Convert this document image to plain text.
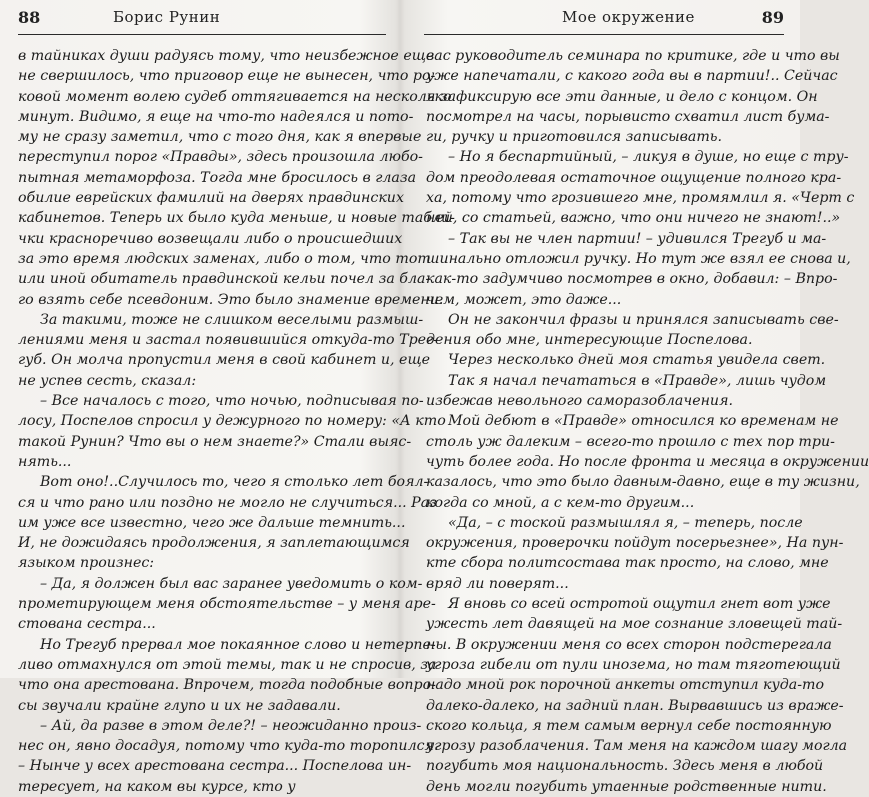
88	Борис Рунин
в тайниках души радуясь тому, что неизбежное еще
не свершилось, что приговор еще не вынесен, что ро-
ковой момент волею судеб оттягивается на несколько
минут. Видимо, я еще на что-то надеялся и пото-
му не сразу заметил, что с того дня, как я впервые
переступил порог «Правды», здесь произошла любо-
пытная метаморфоза. Тогда мне бросилось в глаза
обилие еврейских фамилий на дверях правдинских
кабинетов. Теперь их было куда меньше, и новые табли-
чки красноречиво возвещали либо о происшедших
за это время людских заменах, либо о том, что тот
или иной обитатель правдинской кельи почел за бла-
го взять себе псевдоним. Это было знамение времени.
За такими, тоже не слишком веселыми размыш-
лениями меня и застал появившийся откуда-то Трег-
губ. Он молча пропустил меня в свой кабинет и, еще
не успев сесть, сказал:
– Все началось с того, что ночью, подписывая по-
лосу, Поспелов спросил у дежурного по номеру: «А кто
такой Рунин? Что вы о нем знаете?» Стали выяс-
нять...
Вот оно!..Случилось то, чего я столько лет боял-
ся и что рано или поздно не могло не случиться... Раз
им уже все известно, чего же дальше темнить...
И, не дожидаясь продолжения, я заплетающимся
языком произнес:
– Да, я должен был вас заранее уведомить о ком-
прометирующем меня обстоятельстве – у меня аре-
стована сестра...
Но Трегуб прервал мое покаянное слово и нетерпе-
ливо отмахнулся от этой темы, так и не спросив, за
что она арестована. Впрочем, тогда подобные вопро-
сы звучали крайне глупо и их не задавали.
– Ай, да разве в этом деле?! – неожиданно произ-
нес он, явно досадуя, потому что куда-то торопился.
– Нынче у всех арестована сестра... Поспелова ин-
тересует, на каком вы курсе, кто у
Мое окружение	89
вас руководитель семинара по критике, где и что вы
уже напечатали, с какого года вы в партии!.. Сейчас
я зафиксирую все эти данные, и дело с концом. Он
посмотрел на часы, порывисто схватил лист бума-
ги, ручку и приготовился записывать.
– Но я беспартийный, – ликуя в душе, но еще с тру-
дом преодолевая остаточное ощущение полного кра-
ха, потому что грозившего мне, промямлил я. «Черт с
ней, со статьей, важно, что они ничего не знают!..»
– Так вы не член партии! – удивился Трегуб и ма-
шинально отложил ручку. Но тут же взял ее снова и,
как-то задумчиво посмотрев в окно, добавил: – Впро-
чем, может, это даже...
Он не закончил фразы и принялся записывать све-
дения обо мне, интересующие Поспелова.
Через несколько дней моя статья увидела свет.
Так я начал печататься в «Правде», лишь чудом
избежав невольного саморазоблачения.
Мой дебют в «Правде» относился ко временам не
столь уж далеким – всего-то прошло с тех пор три-
чуть более года. Но после фронта и месяца в окружении
казалось, что это было давным-давно, еще в ту жизни,
когда со мной, а с кем-то другим...
«Да, – с тоской размышлял я, – теперь, после
окружения, проверочки пойдут посерьезнее», На пун-
кте сбора политсостава так просто, на слово, мне
вряд ли поверят...
Я вновь со всей остротой ощутил гнет вот уже
ужесть лет давящей на мое сознание зловещей тай-
ны. В окружении меня со всех сторон подстерегала
угроза гибели от пули инозема, но там тяготеющий
надо мной рок порочной анкеты отступил куда-то
далеко-далеко, на задний план. Вырвавшись из враже-
ского кольца, я тем самым вернул себе постоянную
угрозу разоблачения. Там меня на каждом шагу могла
погубить моя национальность. Здесь меня в любой
день могли погубить утаенные родственные нити.
